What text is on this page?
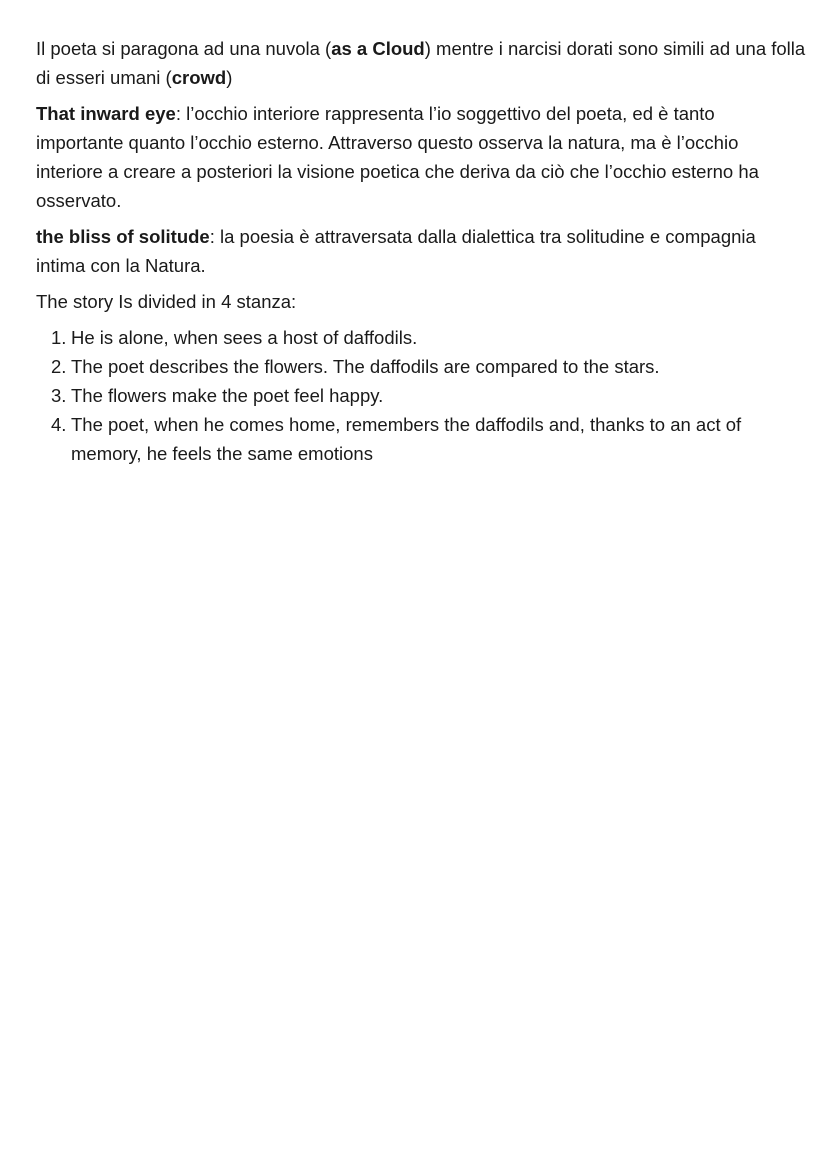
Il poeta si paragona ad una nuvola (as a Cloud) mentre i narcisi dorati sono simili ad una folla di esseri umani (crowd)

That inward eye: l’occhio interiore rappresenta l’io soggettivo del poeta, ed è tanto importante quanto l’occhio esterno. Attraverso questo osserva la natura, ma è l’occhio interiore a creare a posteriori la visione poetica che deriva da ciò che l’occhio esterno ha osservato.

the bliss of solitude: la poesia è attraversata dalla dialettica tra solitudine e compagnia intima con la Natura.

The story Is divided in 4 stanza:

1. He is alone, when sees a host of daffodils.
2. The poet describes the flowers. The daffodils are compared to the stars.
3. The flowers make the poet feel happy.
4. The poet, when he comes home, remembers the daffodils and, thanks to an act of memory, he feels the same emotions
